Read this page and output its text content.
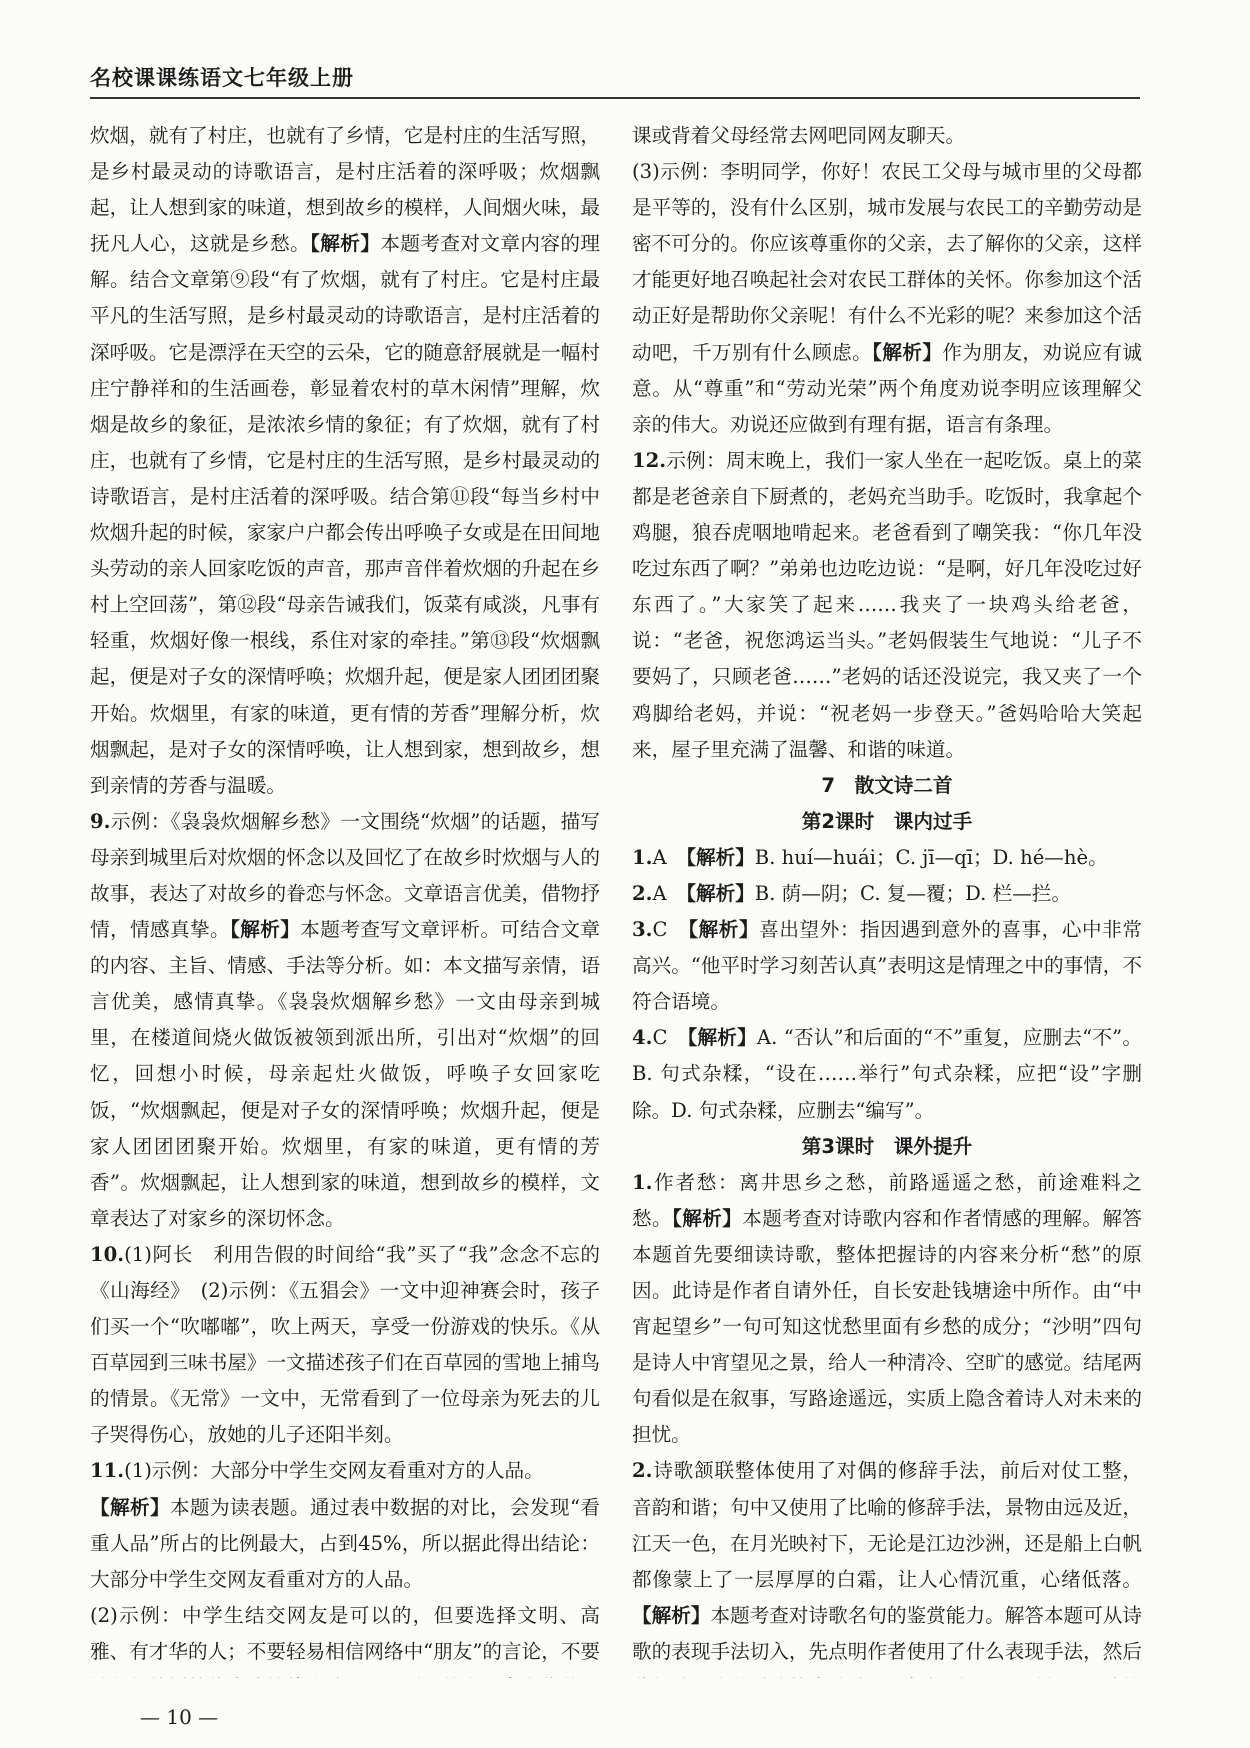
名校课课练语文七年级上册

炊烟，就有了村庄，也就有了乡情，它是村庄的生活写照，是乡村最灵动的诗歌语言，是村庄活着的深呼吸；炊烟飘起，让人想到家的味道，想到故乡的模样，人间烟火味，最抚凡人心，这就是乡愁。【解析】本题考查对文章内容的理解。结合文章第⑨段“有了炊烟，就有了村庄。它是村庄最平凡的生活写照，是乡村最灵动的诗歌语言，是村庄活着的深呼吸。它是漂浮在天空的云朵，它的随意舒展就是一幅村庄宁静祥和的生活画卷，彰显着农村的草木闲情”理解，炊烟是故乡的象征，是浓浓乡情的象征；有了炊烟，就有了村庄，也就有了乡情，它是村庄的生活写照，是乡村最灵动的诗歌语言，是村庄活着的深呼吸。结合第⑪段“每当乡村中炊烟升起的时候，家家户户都会传出呼唤子女或是在田间地头劳动的亲人回家吃饭的声音，那声音伴着炊烟的升起在乡村上空回荡”，第⑫段“母亲告诫我们，饭菜有咸淡，凡事有轻重，炊烟好像一根线，系住对家的牵挂。”第⑬段“炊烟飘起，便是对子女的深情呼唤；炊烟升起，便是家人团团团聚开始。炊烟里，有家的味道，更有情的芳香”理解分析，炊烟飘起，是对子女的深情呼唤，让人想到家，想到故乡，想到亲情的芳香与温暖。

9.示例：《袅袅炊烟解乡愁》一文围绕“炊烟”的话题，描写母亲到城里后对炊烟的怀念以及回忆了在故乡时炊烟与人的故事，表达了对故乡的眷恋与怀念。文章语言优美，借物抒情，情感真挚。【解析】本题考查写文章评析。可结合文章的内容、主旨、情感、手法等分析。如：本文描写亲情，语言优美，感情真挚。《袅袅炊烟解乡愁》一文由母亲到城里，在楼道间烧火做饭被领到派出所，引出对“炊烟”的回忆，回想小时候，母亲起灶火做饭，呼唤子女回家吃饭，“炊烟飘起，便是对子女的深情呼唤；炊烟升起，便是家人团团团聚开始。炊烟里，有家的味道，更有情的芳香”。炊烟飘起，让人想到家的味道，想到故乡的模样，文章表达了对家乡的深切怀念。

10.(1)阿长　利用告假的时间给“我”买了“我”念念不忘的《山海经》　(2)示例：《五猖会》一文中迎神赛会时，孩子们买一个“吹嘟嘟”，吹上两天，享受一份游戏的快乐。《从百草园到三味书屋》一文描述孩子们在百草园的雪地上捕鸟的情景。《无常》一文中，无常看到了一位母亲为死去的儿子哭得伤心，放她的儿子还阳半刻。

11.(1)示例：大部分中学生交网友看重对方的人品。

【解析】本题为读表题。通过表中数据的对比，会发现“看重人品”所占的比例最大，占到45%，所以据此得出结论：大部分中学生交网友看重对方的人品。

(2)示例：中学生结交网友是可以的，但要选择文明、高雅、有才华的人；不要轻易相信网络中“朋友”的言论，不要

课或背着父母经常去网吧同网友聊天。

(3)示例：李明同学，你好！农民工父母与城市里的父母都是平等的，没有什么区别，城市发展与农民工的辛勤劳动是密不可分的。你应该尊重你的父亲，去了解你的父亲，这样才能更好地召唤起社会对农民工群体的关怀。你参加这个活动正好是帮助你父亲呢！有什么不光彩的呢？来参加这个活动吧，千万别有什么顾虑。【解析】作为朋友，劝说应有诚意。从“尊重”和“劳动光荣”两个角度劝说李明应该理解父亲的伟大。劝说还应做到有理有据，语言有条理。

12.示例：周末晚上，我们一家人坐在一起吃饭。桌上的菜都是老爸亲自下厨煮的，老妈充当助手。吃饭时，我拿起个鸡腿，狼吞虎咽地啃起来。老爸看到了嘲笑我：“你几年没吃过东西了啊？”弟弟也边吃边说：“是啊，好几年没吃过好东西了。”大家笑了起来……我夹了一块鸡头给老爸，说：“老爸，祝您鸿运当头。”老妈假装生气地说：“儿子不要妈了，只顾老爸……”老妈的话还没说完，我又夹了一个鸡脚给老妈，并说：“祝老妈一步登天。”爸妈哈哈大笑起来，屋子里充满了温馨、和谐的味道。

7　散文诗二首

第2课时　课内过手

1.A　【解析】B. huí—huái；C. jī—qī；D. hé—hè。

2.A　【解析】B. 荫—阴；C. 复—覆；D. 栏—拦。

3.C　【解析】喜出望外：指因遇到意外的喜事，心中非常高兴。“他平时学习刻苦认真”表明这是情理之中的事情，不符合语境。

4.C　【解析】A. “否认”和后面的“不”重复，应删去“不”。B. 句式杂糅，“设在……举行”句式杂糅，应把“设”字删除。D. 句式杂糅，应删去“编写”。

第3课时　课外提升

1.作者愁：离井思乡之愁，前路遥遥之愁，前途难料之愁。【解析】本题考查对诗歌内容和作者情感的理解。解答本题首先要细读诗歌，整体把握诗的内容来分析“愁”的原因。此诗是作者自请外任，自长安赴钱塘途中所作。由“中宵起望乡”一句可知这忧愁里面有乡愁的成分；“沙明”四句是诗人中宵望见之景，给人一种清冷、空旷的感觉。结尾两句看似是在叙事，写路途遥远，实质上隐含着诗人对未来的担忧。

2.诗歌颔联整体使用了对偶的修辞手法，前后对仗工整，音韵和谐；句中又使用了比喻的修辞手法，景物由远及近，江天一色，在月光映衬下，无论是江边沙洲，还是船上白帆都像蒙上了一层厚厚的白霜，让人心情沉重，心绪低落。【解析】本题考查对诗歌名句的鉴赏能力。解答本题可从诗歌的表现手法切入，先点明作者使用了什么表现手法，然后

— 10 —
